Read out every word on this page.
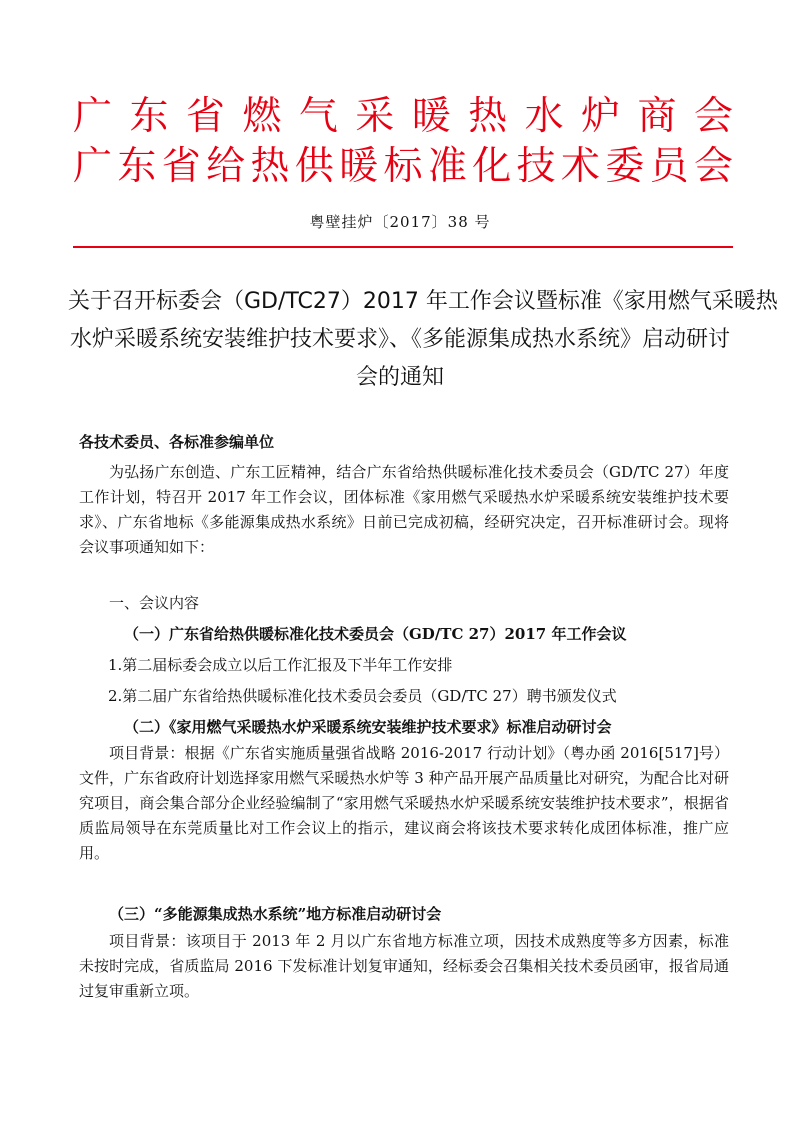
广 东 省 燃 气 采 暖 热 水 炉 商 会
广东省给热供暖标准化技术委员会
粤壁挂炉〔2017〕38 号
关于召开标委会（GD/TC27）2017 年工作会议暨标准《家用燃气采暖热
水炉采暖系统安装维护技术要求》、《多能源集成热水系统》启动研讨
会的通知
各技术委员、各标准参编单位
为弘扬广东创造、广东工匠精神，结合广东省给热供暖标准化技术委员会（GD/TC 27）年度工作计划，特召开 2017 年工作会议，团体标准《家用燃气采暖热水炉采暖系统安装维护技术要求》、广东省地标《多能源集成热水系统》日前已完成初稿，经研究决定，召开标准研讨会。现将会议事项通知如下：
一、会议内容
（一）广东省给热供暖标准化技术委员会（GD/TC 27）2017 年工作会议
1.第二届标委会成立以后工作汇报及下半年工作安排
2.第二届广东省给热供暖标准化技术委员会委员（GD/TC 27）聘书颁发仪式
（二）《家用燃气采暖热水炉采暖系统安装维护技术要求》标准启动研讨会
项目背景：根据《广东省实施质量强省战略 2016-2017 行动计划》（粤办函 2016[517]号）文件，广东省政府计划选择家用燃气采暖热水炉等 3 种产品开展产品质量比对研究，为配合比对研究项目，商会集合部分企业经验编制了“家用燃气采暖热水炉采暖系统安装维护技术要求”，根据省质监局领导在东莞质量比对工作会议上的指示，建议商会将该技术要求转化成团体标准，推广应用。
（三）“多能源集成热水系统”地方标准启动研讨会
项目背景：该项目于 2013 年 2 月以广东省地方标准立项，因技术成熟度等多方因素，标准未按时完成，省质监局 2016 下发标准计划复审通知，经标委会召集相关技术委员函审，报省局通过复审重新立项。
